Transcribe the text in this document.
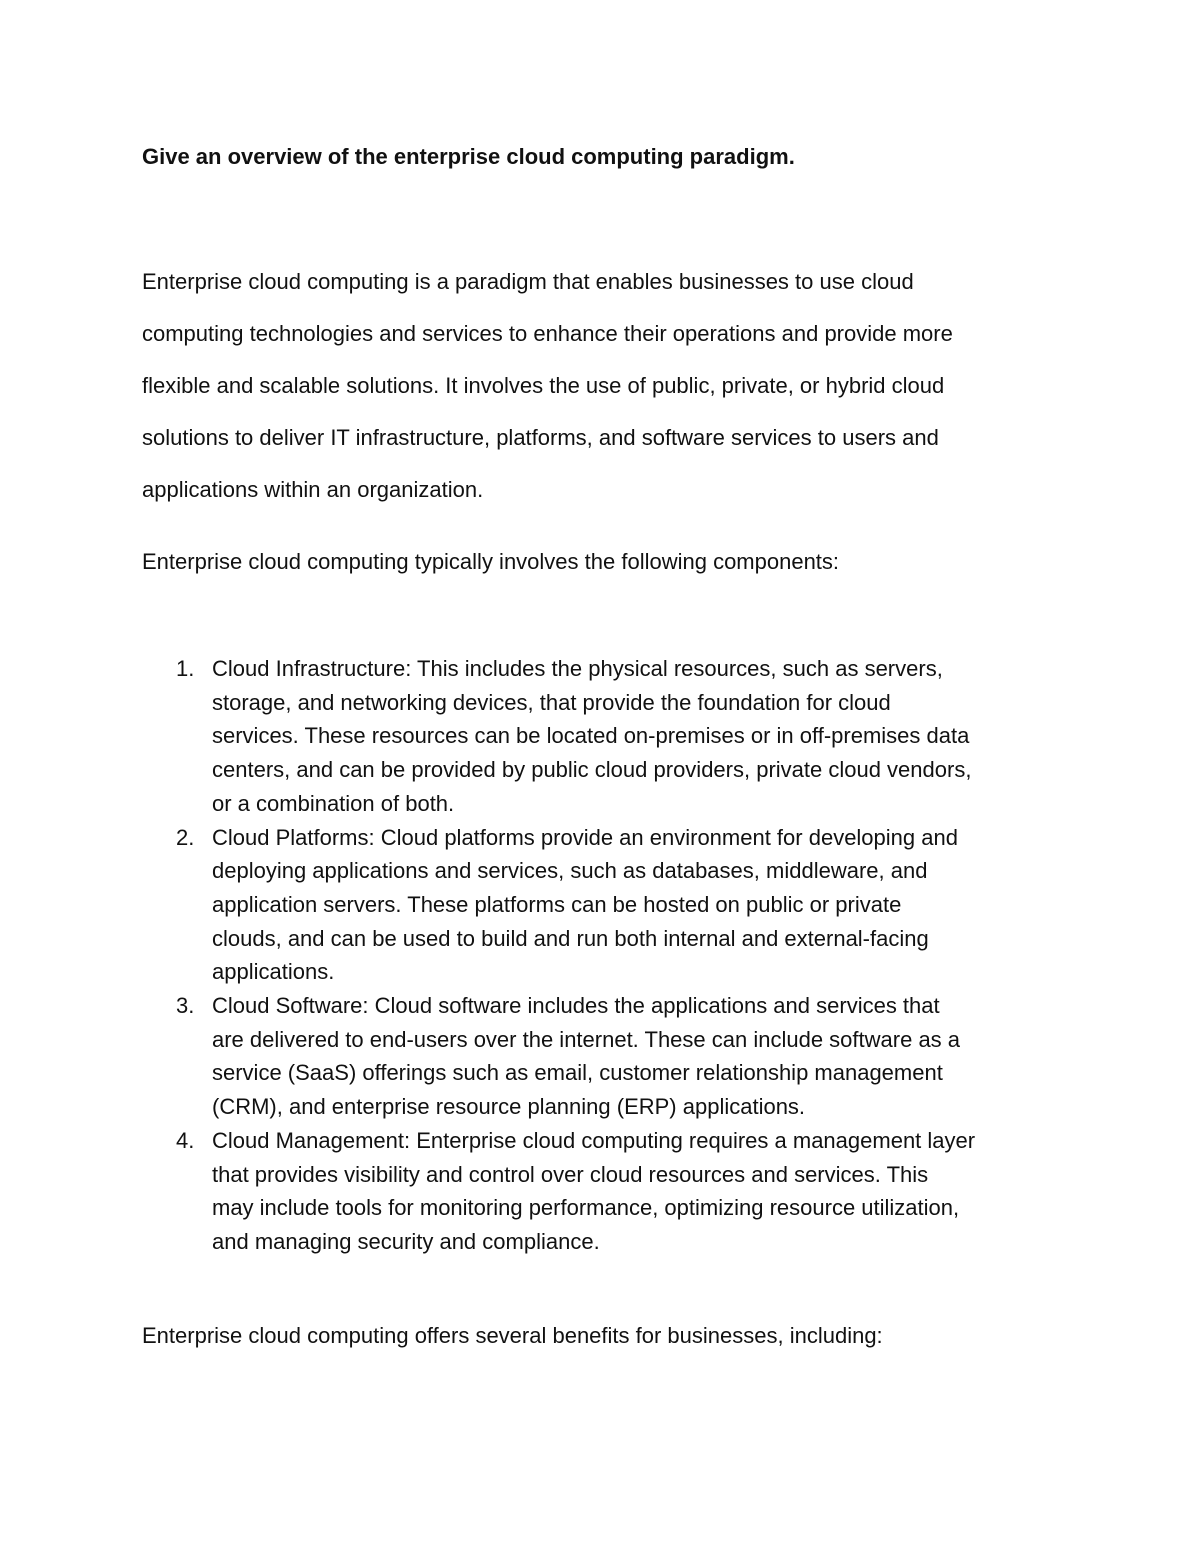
Give an overview of the enterprise cloud computing paradigm.

Enterprise cloud computing is a paradigm that enables businesses to use cloud
computing technologies and services to enhance their operations and provide more
flexible and scalable solutions. It involves the use of public, private, or hybrid cloud
solutions to deliver IT infrastructure, platforms, and software services to users and
applications within an organization.

Enterprise cloud computing typically involves the following components:

1. Cloud Infrastructure: This includes the physical resources, such as servers,
storage, and networking devices, that provide the foundation for cloud
services. These resources can be located on-premises or in off-premises data
centers, and can be provided by public cloud providers, private cloud vendors,
or a combination of both.
2. Cloud Platforms: Cloud platforms provide an environment for developing and
deploying applications and services, such as databases, middleware, and
application servers. These platforms can be hosted on public or private
clouds, and can be used to build and run both internal and external-facing
applications.
3. Cloud Software: Cloud software includes the applications and services that
are delivered to end-users over the internet. These can include software as a
service (SaaS) offerings such as email, customer relationship management
(CRM), and enterprise resource planning (ERP) applications.
4. Cloud Management: Enterprise cloud computing requires a management layer
that provides visibility and control over cloud resources and services. This
may include tools for monitoring performance, optimizing resource utilization,
and managing security and compliance.

Enterprise cloud computing offers several benefits for businesses, including:
